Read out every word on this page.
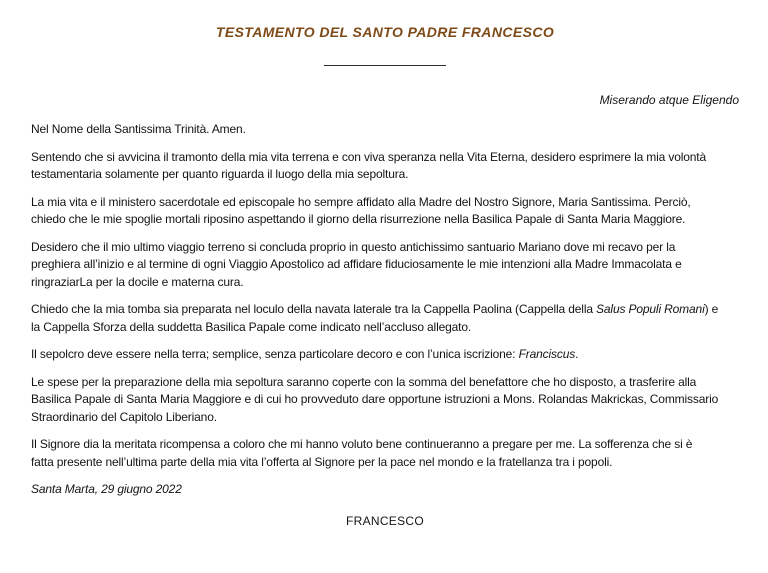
TESTAMENTO DEL SANTO PADRE FRANCESCO
Miserando atque Eligendo

Nel Nome della Santissima Trinità. Amen.

Sentendo che si avvicina il tramonto della mia vita terrena e con viva speranza nella Vita Eterna, desidero esprimere la mia volontà
testamentaria solamente per quanto riguarda il luogo della mia sepoltura.

La mia vita e il ministero sacerdotale ed episcopale ho sempre affidato alla Madre del Nostro Signore, Maria Santissima. Perciò,
chiedo che le mie spoglie mortali riposino aspettando il giorno della risurrezione nella Basilica Papale di Santa Maria Maggiore.

Desidero che il mio ultimo viaggio terreno si concluda proprio in questo antichissimo santuario Mariano dove mi recavo per la
preghiera all’inizio e al termine di ogni Viaggio Apostolico ad affidare fiduciosamente le mie intenzioni alla Madre Immacolata e
ringraziarLa per la docile e materna cura.

Chiedo che la mia tomba sia preparata nel loculo della navata laterale tra la Cappella Paolina (Cappella della Salus Populi Romani) e
la Cappella Sforza della suddetta Basilica Papale come indicato nell’accluso allegato.

Il sepolcro deve essere nella terra; semplice, senza particolare decoro e con l’unica iscrizione: Franciscus.

Le spese per la preparazione della mia sepoltura saranno coperte con la somma del benefattore che ho disposto, a trasferire alla
Basilica Papale di Santa Maria Maggiore e di cui ho provveduto dare opportune istruzioni a Mons. Rolandas Makrickas, Commissario
Straordinario del Capitolo Liberiano.

Il Signore dia la meritata ricompensa a coloro che mi hanno voluto bene continueranno a pregare per me. La sofferenza che si è
fatta presente nell’ultima parte della mia vita l’offerta al Signore per la pace nel mondo e la fratellanza tra i popoli.

Santa Marta, 29 giugno 2022

FRANCESCO
